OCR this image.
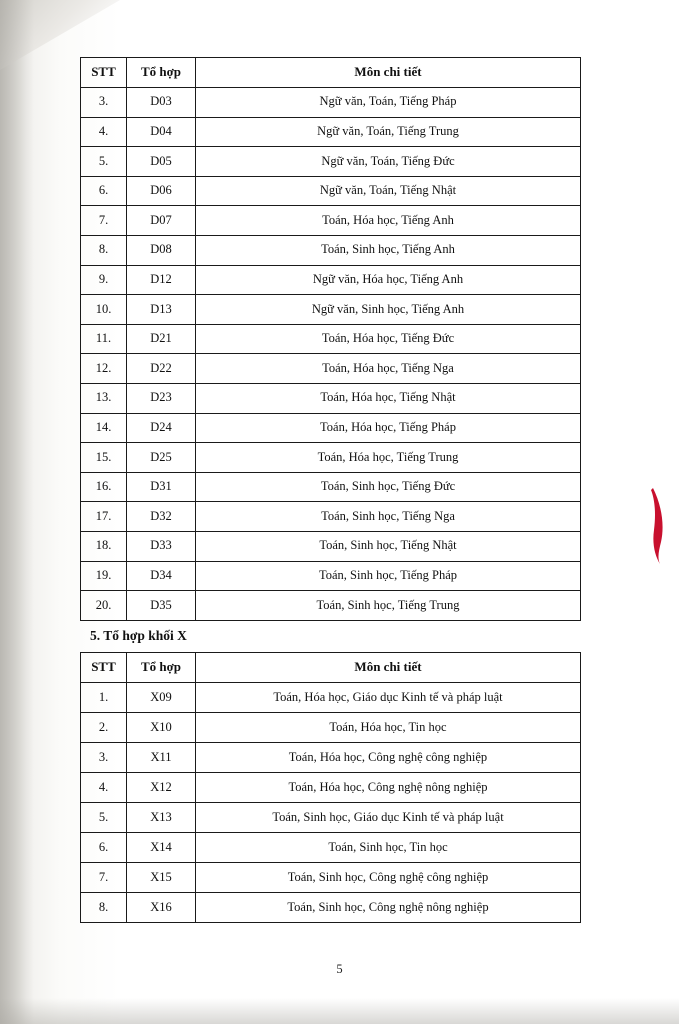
STT	Tổ hợp	Môn chi tiết
3.	D03	Ngữ văn, Toán, Tiếng Pháp
4.	D04	Ngữ văn, Toán, Tiếng Trung
5.	D05	Ngữ văn, Toán, Tiếng Đức
6.	D06	Ngữ văn, Toán, Tiếng Nhật
7.	D07	Toán, Hóa học, Tiếng Anh
8.	D08	Toán, Sinh học, Tiếng Anh
9.	D12	Ngữ văn, Hóa học, Tiếng Anh
10.	D13	Ngữ văn, Sinh học, Tiếng Anh
11.	D21	Toán, Hóa học, Tiếng Đức
12.	D22	Toán, Hóa học, Tiếng Nga
13.	D23	Toán, Hóa học, Tiếng Nhật
14.	D24	Toán, Hóa học, Tiếng Pháp
15.	D25	Toán, Hóa học, Tiếng Trung
16.	D31	Toán, Sinh học, Tiếng Đức
17.	D32	Toán, Sinh học, Tiếng Nga
18.	D33	Toán, Sinh học, Tiếng Nhật
19.	D34	Toán, Sinh học, Tiếng Pháp
20.	D35	Toán, Sinh học, Tiếng Trung
5. Tổ hợp khối X
STT	Tổ hợp	Môn chi tiết
1.	X09	Toán, Hóa học, Giáo dục Kinh tế và pháp luật
2.	X10	Toán, Hóa học, Tin học
3.	X11	Toán, Hóa học, Công nghệ công nghiệp
4.	X12	Toán, Hóa học, Công nghệ nông nghiệp
5.	X13	Toán, Sinh học, Giáo dục Kinh tế và pháp luật
6.	X14	Toán, Sinh học, Tin học
7.	X15	Toán, Sinh học, Công nghệ công nghiệp
8.	X16	Toán, Sinh học, Công nghệ nông nghiệp
5
